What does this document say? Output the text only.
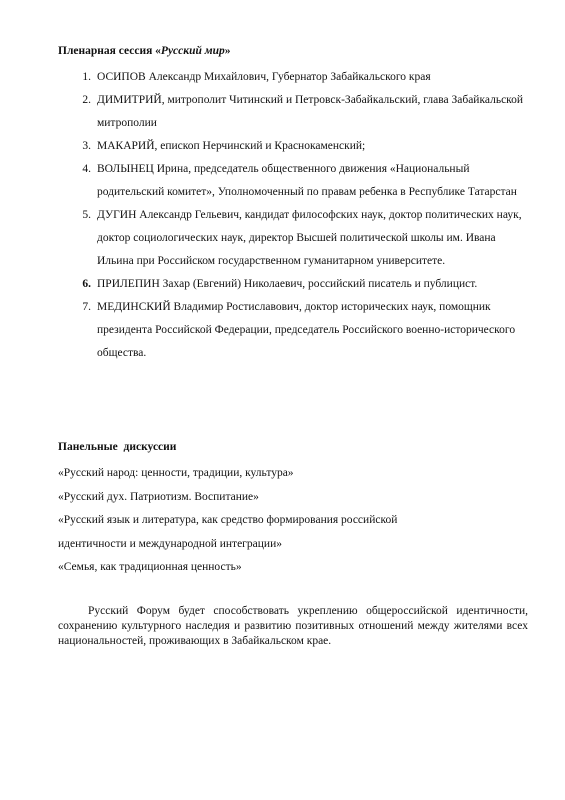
Пленарная сессия «Русский мир»
1. ОСИПОВ Александр Михайлович, Губернатор Забайкальского края
2. ДИМИТРИЙ, митрополит Читинский и Петровск-Забайкальский, глава Забайкальской митрополии
3. МАКАРИЙ, епископ Нерчинский и Краснокаменский;
4. ВОЛЫНЕЦ Ирина, председатель общественного движения «Национальный родительский комитет», Уполномоченный по правам ребенка в Республике Татарстан
5. ДУГИН Александр Гельевич, кандидат философских наук, доктор политических наук, доктор социологических наук, директор Высшей политической школы им. Ивана Ильина при Российском государственном гуманитарном университете.
6. ПРИЛЕПИН Захар (Евгений) Николаевич, российский писатель и публицист.
7. МЕДИНСКИЙ Владимир Ростиславович, доктор исторических наук, помощник президента Российской Федерации, председатель Российского военно-исторического общества.
Панельные дискуссии
«Русский народ: ценности, традиции, культура»
«Русский дух. Патриотизм. Воспитание»
«Русский язык и литература, как средство формирования российской
идентичности и международной интеграции»
«Семья, как традиционная ценность»
Русский Форум будет способствовать укреплению общероссийской идентичности, сохранению культурного наследия и развитию позитивных отношений между жителями всех национальностей, проживающих в Забайкальском крае.
